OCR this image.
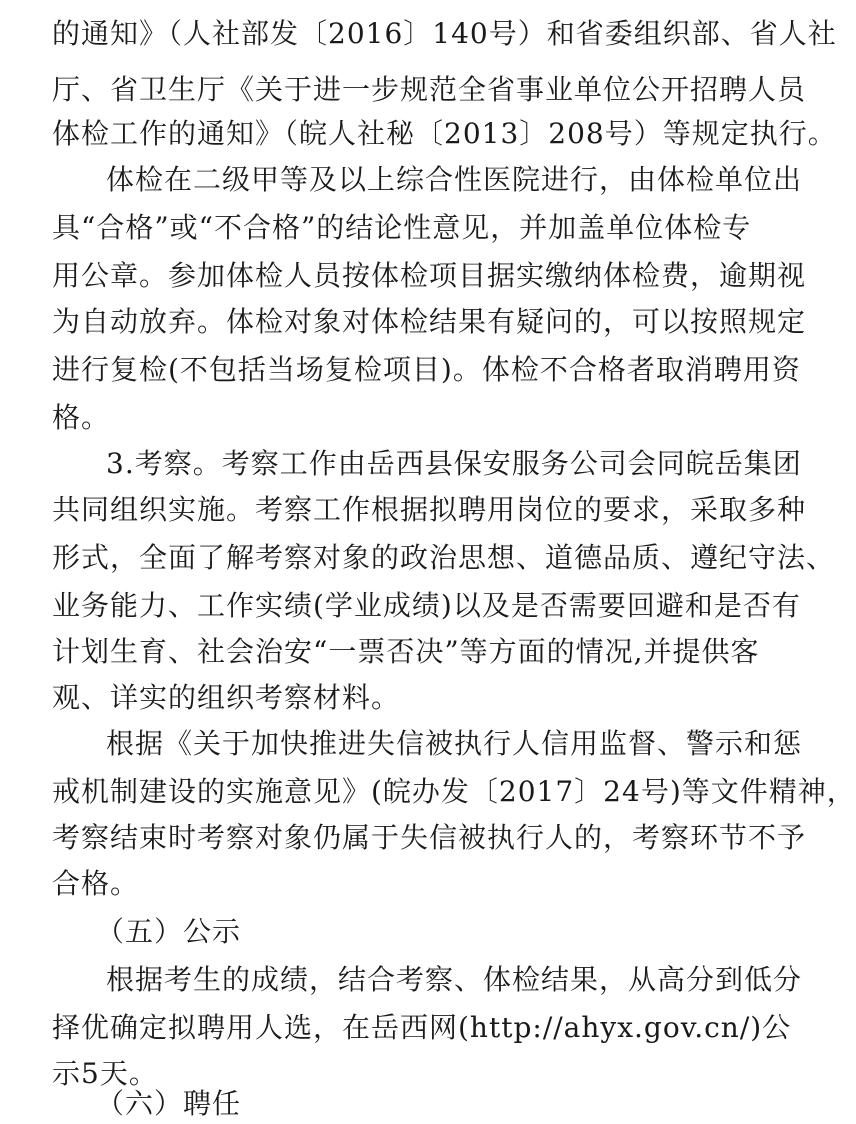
的通知》（人社部发〔2016〕140号）和省委组织部、省人社
厅、省卫生厅《关于进一步规范全省事业单位公开招聘人员
体检工作的通知》（皖人社秘〔2013〕208号）等规定执行。
体检在二级甲等及以上综合性医院进行，由体检单位出
具“合格”或“不合格”的结论性意见，并加盖单位体检专
用公章。参加体检人员按体检项目据实缴纳体检费，逾期视
为自动放弃。体检对象对体检结果有疑问的，可以按照规定
进行复检(不包括当场复检项目)。体检不合格者取消聘用资
格。
3.考察。考察工作由岳西县保安服务公司会同皖岳集团
共同组织实施。考察工作根据拟聘用岗位的要求，采取多种
形式，全面了解考察对象的政治思想、道德品质、遵纪守法、
业务能力、工作实绩(学业成绩)以及是否需要回避和是否有
计划生育、社会治安“一票否决”等方面的情况,并提供客
观、详实的组织考察材料。
根据《关于加快推进失信被执行人信用监督、警示和惩
戒机制建设的实施意见》(皖办发〔2017〕24号)等文件精神，
考察结束时考察对象仍属于失信被执行人的，考察环节不予
合格。
（五）公示
根据考生的成绩，结合考察、体检结果，从高分到低分
择优确定拟聘用人选，在岳西网(http://ahyx.gov.cn/)公
示5天。
（六）聘任
